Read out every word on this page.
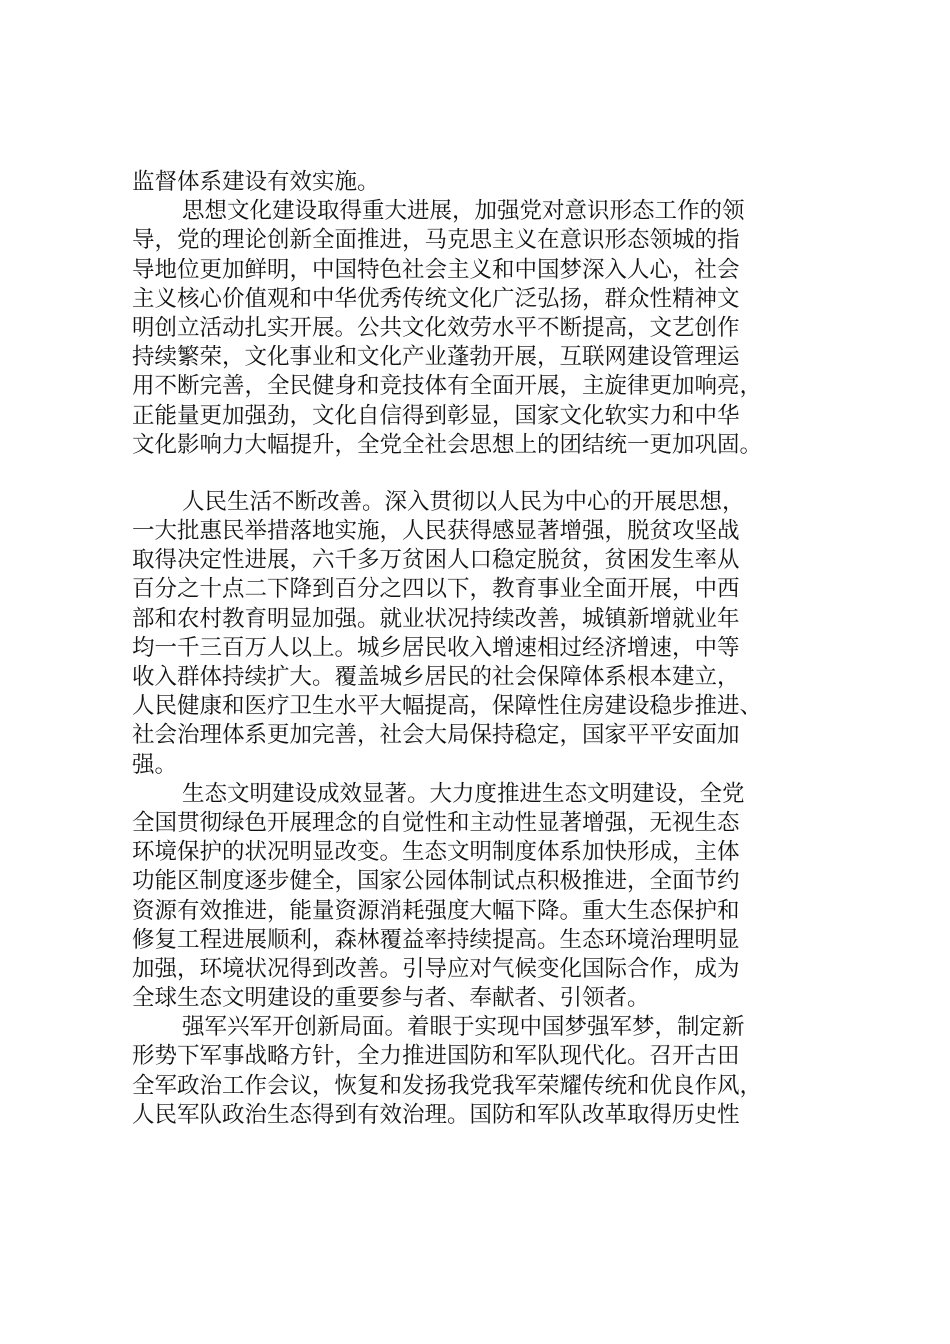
监督体系建设有效实施。
思想文化建设取得重大进展，加强党对意识形态工作的领
导，党的理论创新全面推进，马克思主义在意识形态领城的指
导地位更加鲜明，中国特色社会主义和中国梦深入人心，社会
主义核心价值观和中华优秀传统文化广泛弘扬，群众性精神文
明创立活动扎实开展。公共文化效劳水平不断提高，文艺创作
持续繁荣，文化事业和文化产业蓬勃开展，互联网建设管理运
用不断完善，全民健身和竞技体有全面开展，主旋律更加响亮，
正能量更加强劲，文化自信得到彰显，国家文化软实力和中华
文化影响力大幅提升，全党全社会思想上的团结统一更加巩固。
人民生活不断改善。深入贯彻以人民为中心的开展思想，
一大批惠民举措落地实施，人民获得感显著增强，脱贫攻坚战
取得决定性进展，六千多万贫困人口稳定脱贫，贫困发生率从
百分之十点二下降到百分之四以下，教育事业全面开展，中西
部和农村教育明显加强。就业状况持续改善，城镇新增就业年
均一千三百万人以上。城乡居民收入增速相过经济增速，中等
收入群体持续扩大。覆盖城乡居民的社会保障体系根本建立，
人民健康和医疗卫生水平大幅提高，保障性住房建设稳步推进、
社会治理体系更加完善，社会大局保持稳定，国家平平安面加
强。
生态文明建设成效显著。大力度推进生态文明建设，全党
全国贯彻绿色开展理念的自觉性和主动性显著增强，无视生态
环境保护的状况明显改变。生态文明制度体系加快形成，主体
功能区制度逐步健全，国家公园体制试点积极推进，全面节约
资源有效推进，能量资源消耗强度大幅下降。重大生态保护和
修复工程进展顺利，森林覆益率持续提高。生态环境治理明显
加强，环境状况得到改善。引导应对气候变化国际合作，成为
全球生态文明建设的重要参与者、奉献者、引领者。
强军兴军开创新局面。着眼于实现中国梦强军梦，制定新
形势下军事战略方针，全力推进国防和军队现代化。召开古田
全军政治工作会议，恢复和发扬我党我军荣耀传统和优良作风，
人民军队政治生态得到有效治理。国防和军队改革取得历史性
